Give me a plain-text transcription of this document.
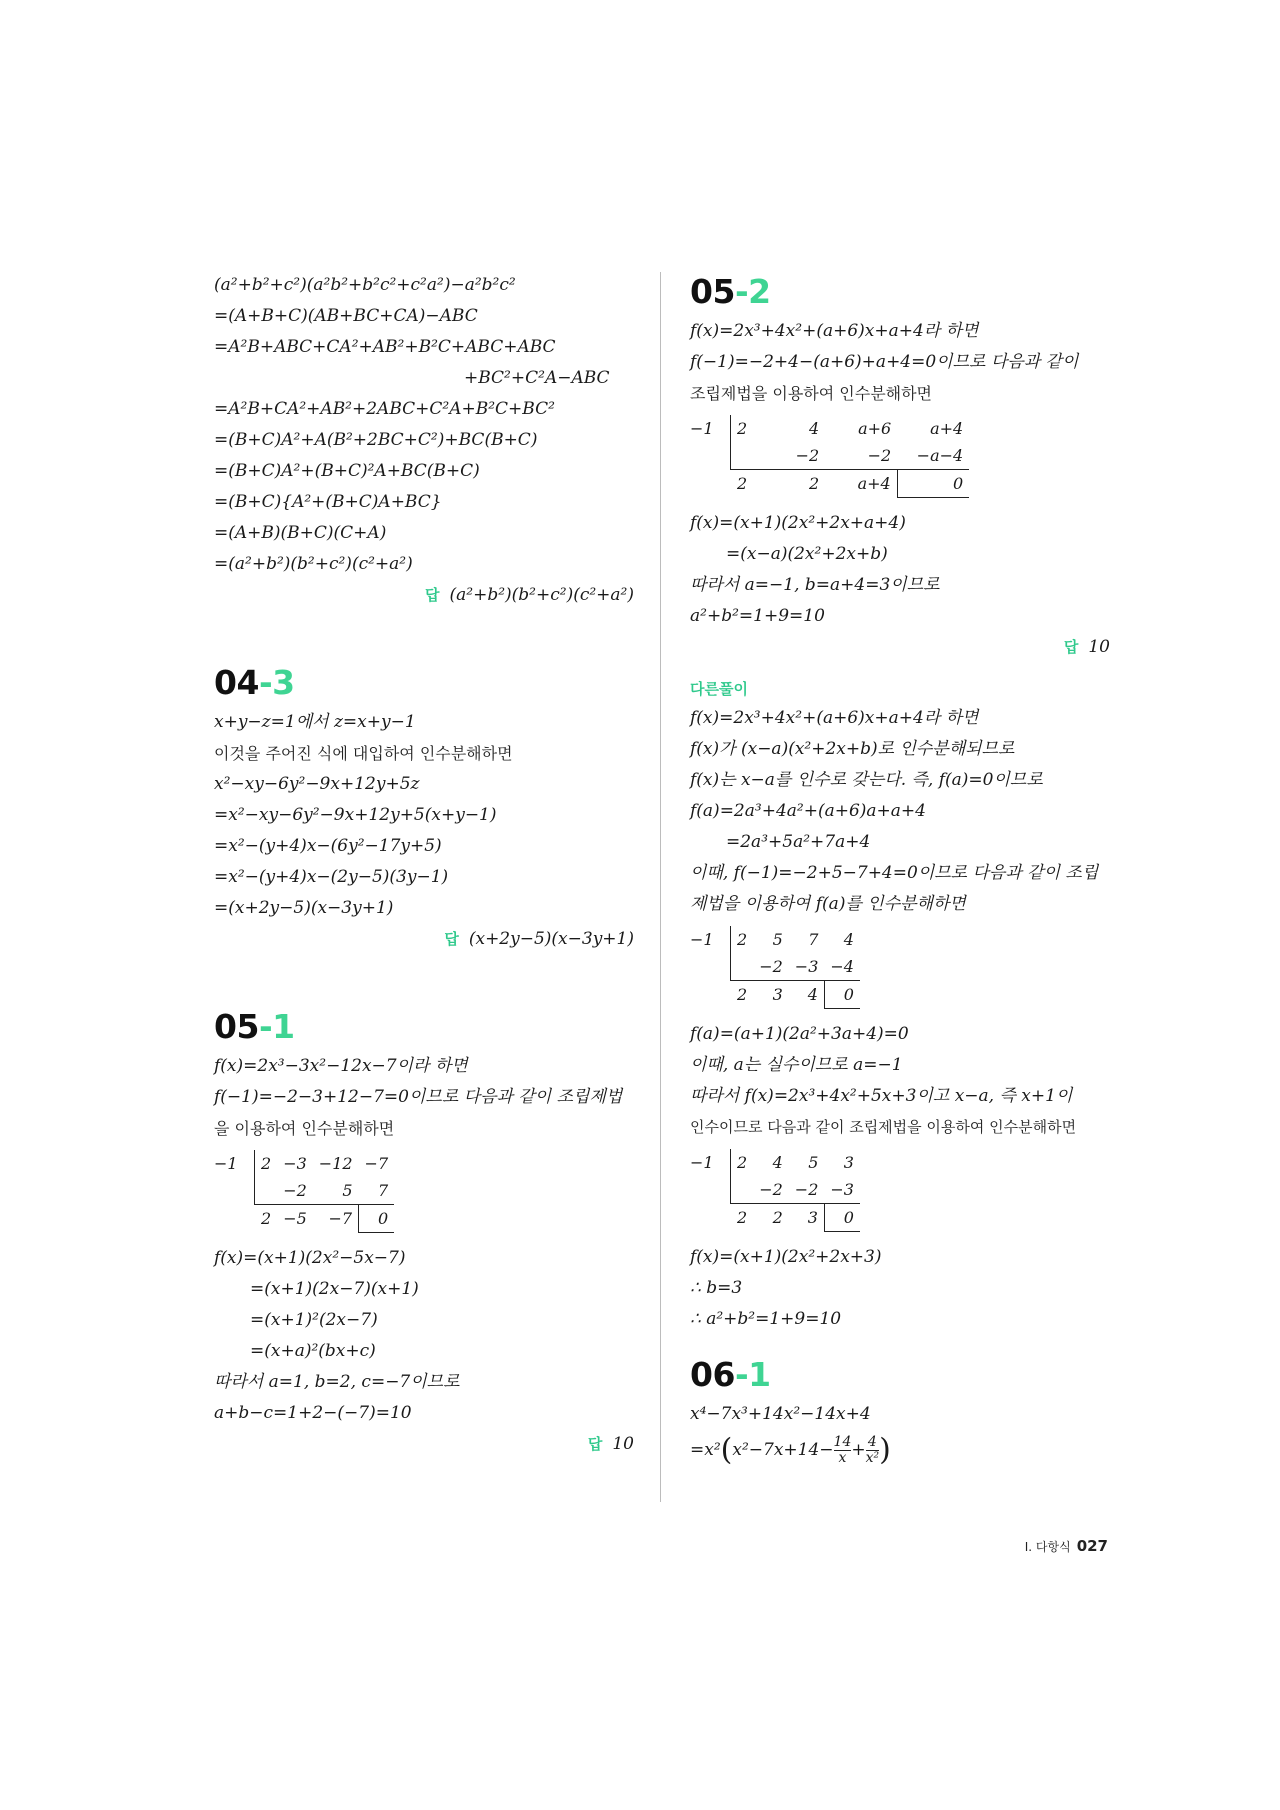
(a²+b²+c²)(a²b²+b²c²+c²a²)−a²b²c²
=(A+B+C)(AB+BC+CA)−ABC
=A²B+ABC+CA²+AB²+B²C+ABC+ABC
+BC²+C²A−ABC
=A²B+CA²+AB²+2ABC+C²A+B²C+BC²
=(B+C)A²+A(B²+2BC+C²)+BC(B+C)
=(B+C)A²+(B+C)²A+BC(B+C)
=(B+C){A²+(B+C)A+BC}
=(A+B)(B+C)(C+A)
=(a²+b²)(b²+c²)(c²+a²)
답 (a²+b²)(b²+c²)(c²+a²)
04-3
x+y−z=1에서 z=x+y−1
이것을 주어진 식에 대입하여 인수분해하면
x²−xy−6y²−9x+12y+5z
=x²−xy−6y²−9x+12y+5(x+y−1)
=x²−(y+4)x−(6y²−17y+5)
=x²−(y+4)x−(2y−5)(3y−1)
=(x+2y−5)(x−3y+1)
답 (x+2y−5)(x−3y+1)
05-1
f(x)=2x³−3x²−12x−7이라 하면
f(−1)=−2−3+12−7=0이므로 다음과 같이 조립제법
을 이용하여 인수분해하면
−1	2	−3	−12	−7
		−2	5	7
	2	−5	−7	0
f(x)=(x+1)(2x²−5x−7)
=(x+1)(2x−7)(x+1)
=(x+1)²(2x−7)
=(x+a)²(bx+c)
따라서 a=1, b=2, c=−7이므로
a+b−c=1+2−(−7)=10
답 10
05-2
f(x)=2x³+4x²+(a+6)x+a+4라 하면
f(−1)=−2+4−(a+6)+a+4=0이므로 다음과 같이
조립제법을 이용하여 인수분해하면
−1	2	4	a+6	a+4
		−2	−2	−a−4
	2	2	a+4	0
f(x)=(x+1)(2x²+2x+a+4)
=(x−a)(2x²+2x+b)
따라서 a=−1, b=a+4=3이므로
a²+b²=1+9=10
답 10
다른풀이
f(x)=2x³+4x²+(a+6)x+a+4라 하면
f(x)가 (x−a)(x²+2x+b)로 인수분해되므로
f(x)는 x−a를 인수로 갖는다. 즉, f(a)=0이므로
f(a)=2a³+4a²+(a+6)a+a+4
=2a³+5a²+7a+4
이때, f(−1)=−2+5−7+4=0이므로 다음과 같이 조립
제법을 이용하여 f(a)를 인수분해하면
−1	2	5	7	4
		−2	−3	−4
	2	3	4	0
f(a)=(a+1)(2a²+3a+4)=0
이때, a는 실수이므로 a=−1
따라서 f(x)=2x³+4x²+5x+3이고 x−a, 즉 x+1이
인수이므로 다음과 같이 조립제법을 이용하여 인수분해하면
−1	2	4	5	3
		−2	−2	−3
	2	2	3	0
f(x)=(x+1)(2x²+2x+3)
∴ b=3
∴ a²+b²=1+9=10
06-1
x⁴−7x³+14x²−14x+4
$=x^2(x^2-7x+14- \frac{14}{x} + \frac{4}{\text{x²}}$ )
I. 다항식 027
